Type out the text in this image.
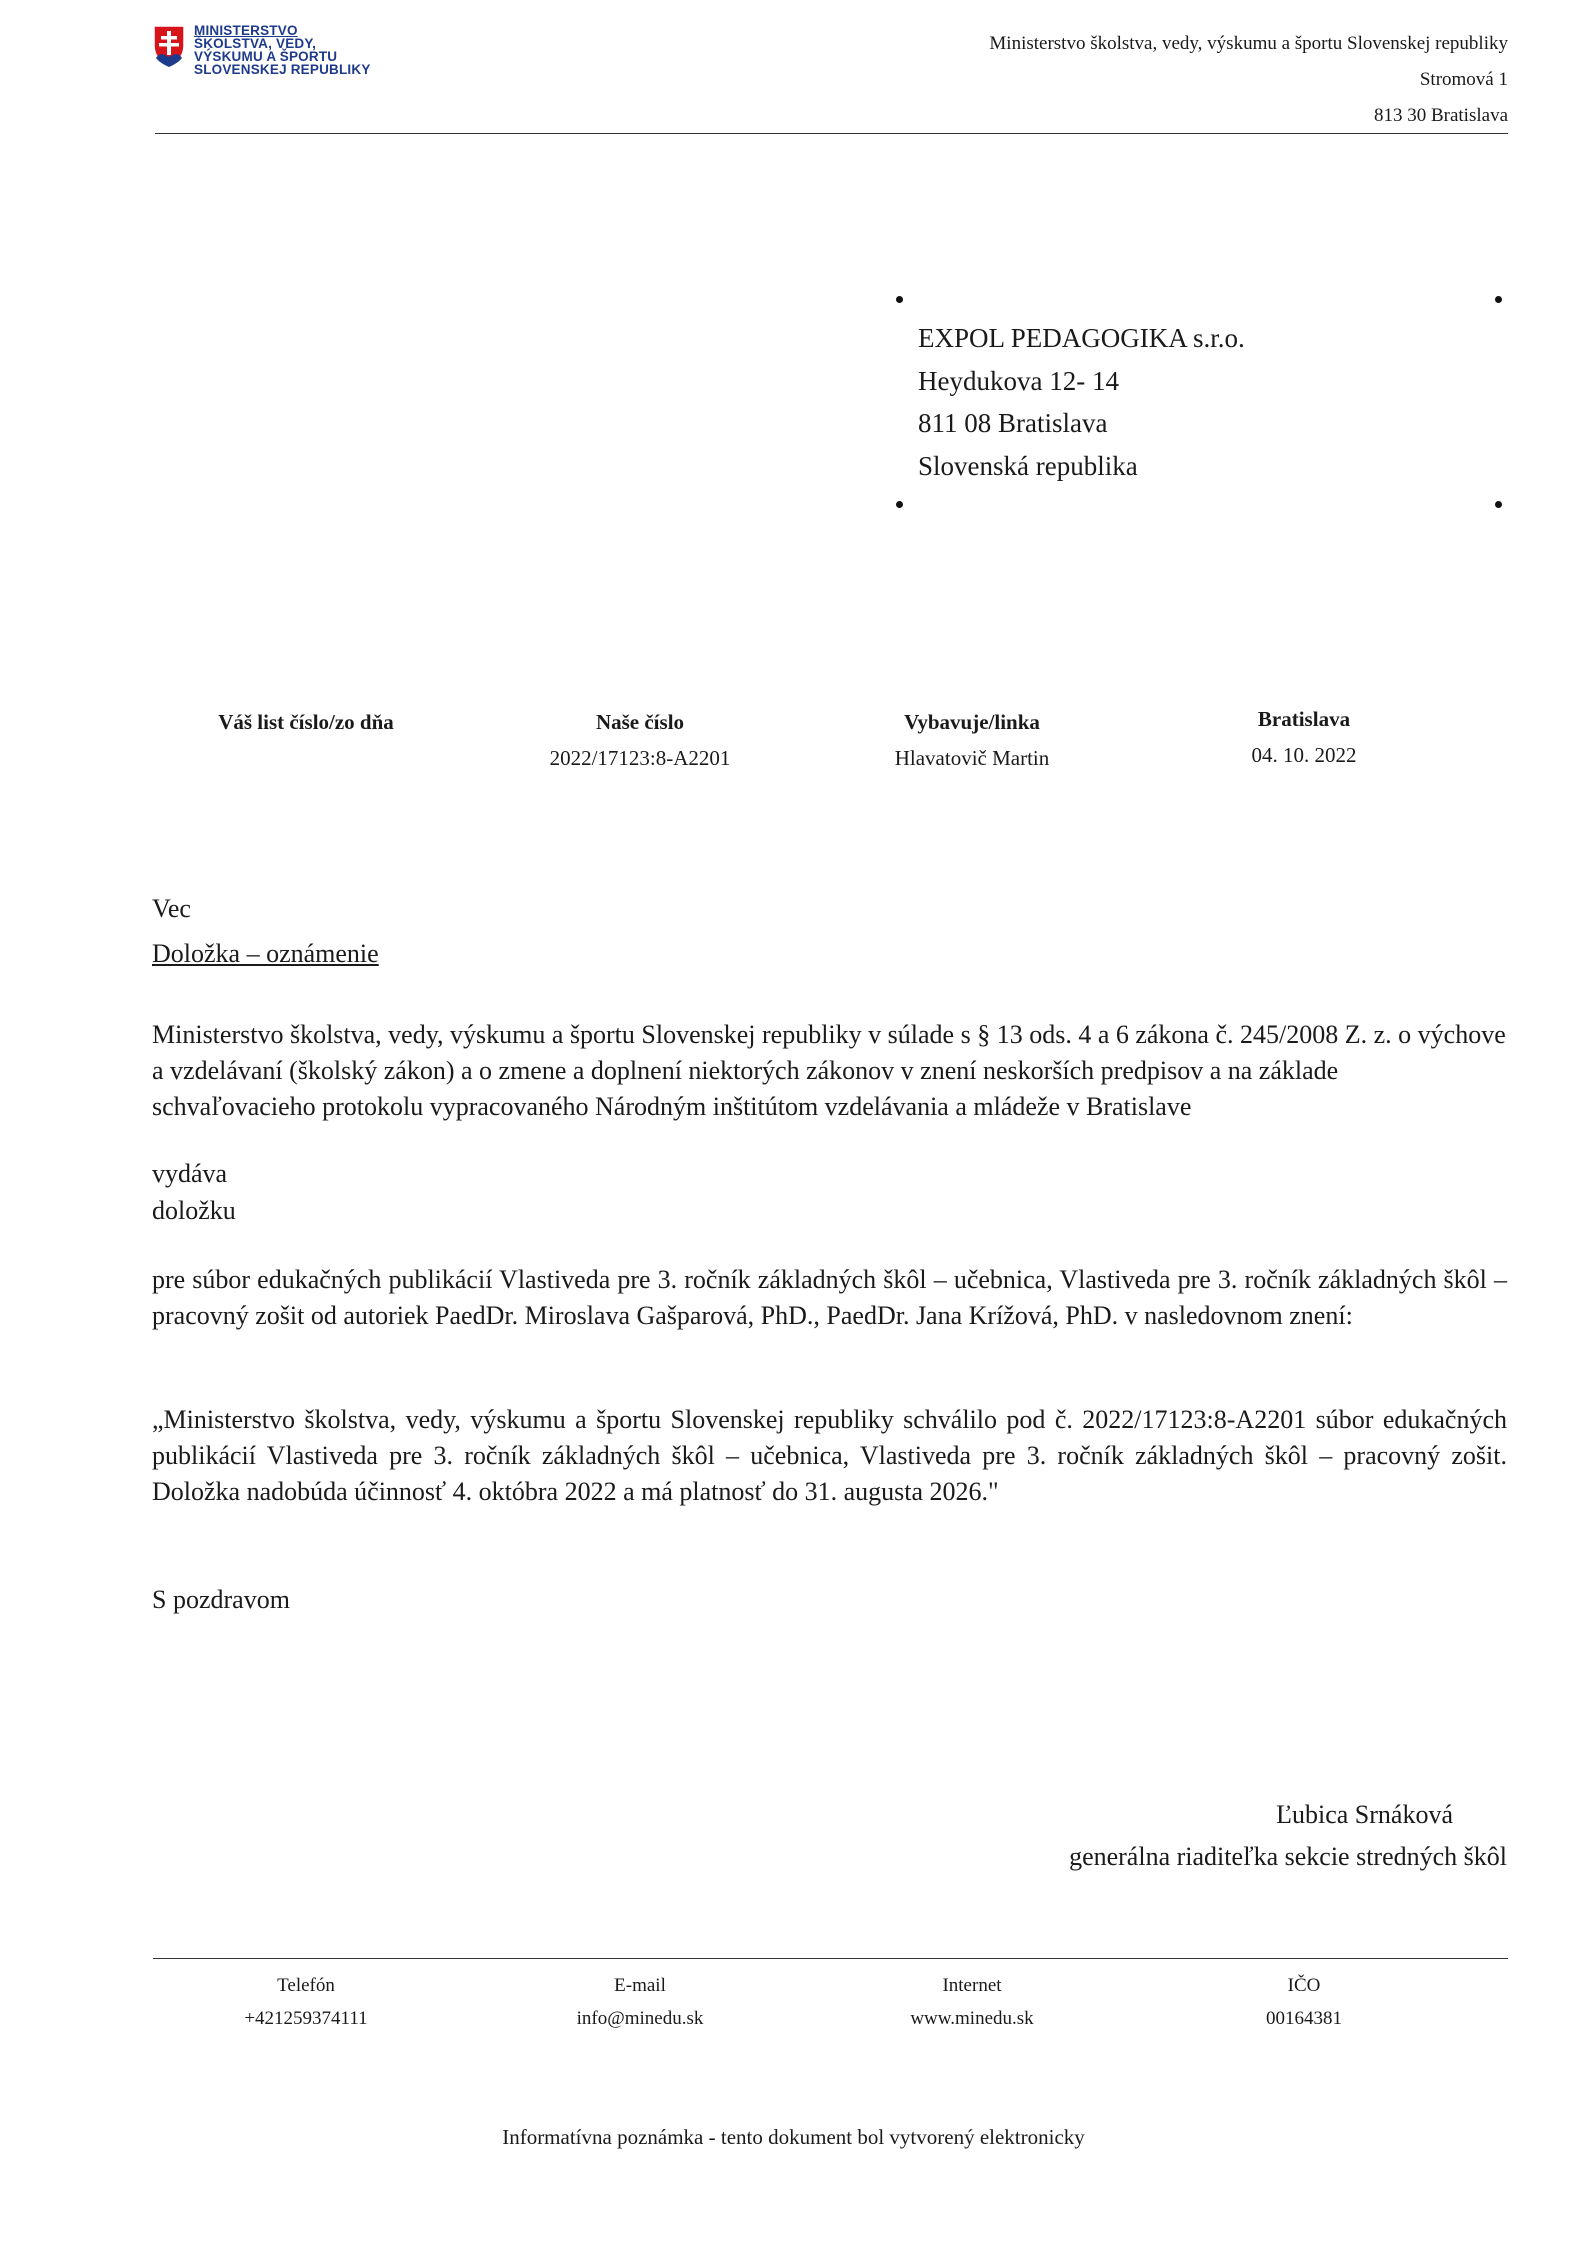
MINISTERSTVO
ŠKOLSTVA, VEDY,
VÝSKUMU A ŠPORTU
SLOVENSKEJ REPUBLIKY
Ministerstvo školstva, vedy, výskumu a športu Slovenskej republiky
Stromová 1
813 30 Bratislava
EXPOL PEDAGOGIKA s.r.o.
Heydukova 12- 14
811 08 Bratislava
Slovenská republika
Váš list číslo/zo dňa	Naše číslo
2022/17123:8-A2201
Vybavuje/linka
Hlavatovič Martin
Bratislava
04. 10. 2022
Vec
Doložka – oznámenie
Ministerstvo školstva, vedy, výskumu a športu Slovenskej republiky v súlade s § 13 ods. 4 a 6 zákona č. 245/2008 Z. z. o výchove a vzdelávaní (školský zákon) a o zmene a doplnení niektorých zákonov v znení neskorších predpisov a na základe schvaľovacieho protokolu vypracovaného Národným inštitútom vzdelávania a mládeže v Bratislave
vydáva
doložku
pre súbor edukačných publikácií Vlastiveda pre 3. ročník základných škôl – učebnica, Vlastiveda pre 3. ročník základných škôl – pracovný zošit od autoriek PaedDr. Miroslava Gašparová, PhD., PaedDr. Jana Krížová, PhD. v nasledovnom znení:
„Ministerstvo školstva, vedy, výskumu a športu Slovenskej republiky schválilo pod č. 2022/17123:8-A2201 súbor edukačných publikácií Vlastiveda pre 3. ročník základných škôl – učebnica, Vlastiveda pre 3. ročník základných škôl – pracovný zošit. Doložka nadobúda účinnosť 4. októbra 2022 a má platnosť do 31. augusta 2026."
S pozdravom
Ľubica Srnáková
generálna riaditeľka sekcie stredných škôl
Telefón
+421259374111
E-mail
info@minedu.sk
Internet
www.minedu.sk
IČO
00164381
Informatívna poznámka - tento dokument bol vytvorený elektronicky
